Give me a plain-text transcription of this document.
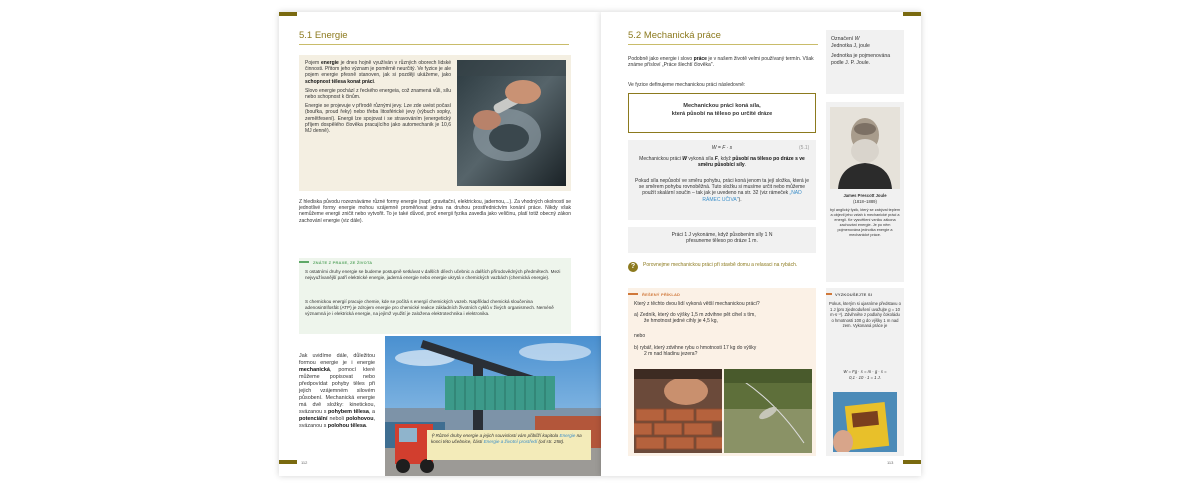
5.1 Energie

Pojem energie je dnes hojně využíván v různých oborech lidské činnosti. Přitom jeho význam je poměrně neurčitý. Ve fyzice je ale pojem energie přesně stanoven, jak si později ukážeme, jako schopnost tělesa konat práci.

Slovo energie pochází z řeckého energeia, což znamená vůli, sílu nebo schopnost k činům.

Energie se projevuje v přírodě různými jevy. Lze zde uvést počasí (bouřka, proud řeky) nebo třeba litosférické jevy (výbuch sopky, zemětřesení). Energii lze spojovat i se stravováním (energetický příjem dospělého člověka pracujícího jako automechanik je 10,6 MJ denně).

Z hlediska původu rozeznáváme různé formy energie (např. gravitační, elektrickou, jadernou,...). Za vhodných okolností se jednotlivé formy energie mohou vzájemně proměňovat jedna na druhou prostřednictvím konání práce. Nikdy však nemůžeme energii zničit nebo vytvořit. To je také důvod, proč energii fyzika zavedla jako veličinu, platí totiž obecný zákon zachování energie (viz dále).
ZNÁTE Z PRAXE, ZE ŽIVOTA
S ostatními druhy energie se budeme postupně setkávat v dalších dílech učebnic a dalších přírodovědných předmětech. Mezi nejvyužívanější patří elektrické energie, jaderná energie nebo energie ukrytá v chemických vazbách (chemická energie).
S chemickou energií pracuje chemie, kde se počítá s energií chemických vazeb. Například chemická sloučenina adenosintrifosfát (ATP) je zdrojem energie pro chemické reakce základních životních cyklů v živých organismech. Neméně významná je i elektrická energie, na jejímž využití je založena elektrotechnika i elektronika.
Jak uvidíme dále, důležitou formou energie je i energie mechanická, pomocí které můžeme popisovat nebo předpovídat pohyby těles při jejich vzájemném silovém působení. Mechanická energie má dvě složky: kinetickou, svázanou s pohybem tělesa, a potenciální neboli polohovou, svázanou s polohou tělesa.
⚲ Různé druhy energie a jejich souvislosti vám přiblíží kapitola Energie na konci této učebnice, části Energie a životní prostředí (od str. 258).
112
5.2 Mechanická práce
Podobně jako energie i slovo práce je v našem životě velmi používaný termín. Však známe přísloví „Práce šlechtí člověka".
Ve fyzice definujeme mechanickou práci následovně:

Mechanickou práci koná síla,

která působí na těleso po určité dráze

W = F · s	(5.1)
Mechanickou práci W vykoná síla F, když působí na těleso po dráze s ve směru působící síly.
Pokud síla nepůsobí ve směru pohybu, práci koná jenom ta její složka, která je se směrem pohybu rovnoběžná. Tuto složku si musíme určit nebo můžeme použít skalární součin – tak jak je uvedeno na str. 32 (viz rámeček „NAD RÁMEC UČIVA").

Práci 1 J vykonáme, když působením síly 1 N

přesuneme těleso po dráze 1 m.

?	Porovnejme mechanickou práci při stavbě domu a relaxaci na rybách.
ŘEŠENÝ PŘÍKLAD
Který z těchto dvou lidí vykoná větší mechanickou práci?

a) Zedník, který do výšky 1,5 m zdvihne pět cihel s tím,

že hmotnost jedné cihly je 4,5 kg,

nebo

b) rybář, který zdvihne rybu o hmotnosti 17 kg do výšky

2 m nad hladinu jezera?

Označení W

Jednotka J, joule

Jednotka je pojmenována podle J. P. Joule.

James Prescott Joule
(1818–1889)
byl anglický fyzik, který se zabýval teplem a objevil jeho vztah k mechanické práci a energii. Ke vysvětlení vzniku zákona zachování energie. Je po něm pojmenována jednotka energie a mechanické práce.
VYZKOUŠEJTE SI
Pokus, kterým si ujasníme představu o 1 J (pro zjednodušení uvažujte g = 10 m·s⁻²). Zdvihněte z podlahy čokoládu o hmotnosti 100 g do výšky 1 m nad zem. Vykonaná práce je

W = Fg · s = m · g · s =

0,1 · 10 · 1 = 1 J.

113
